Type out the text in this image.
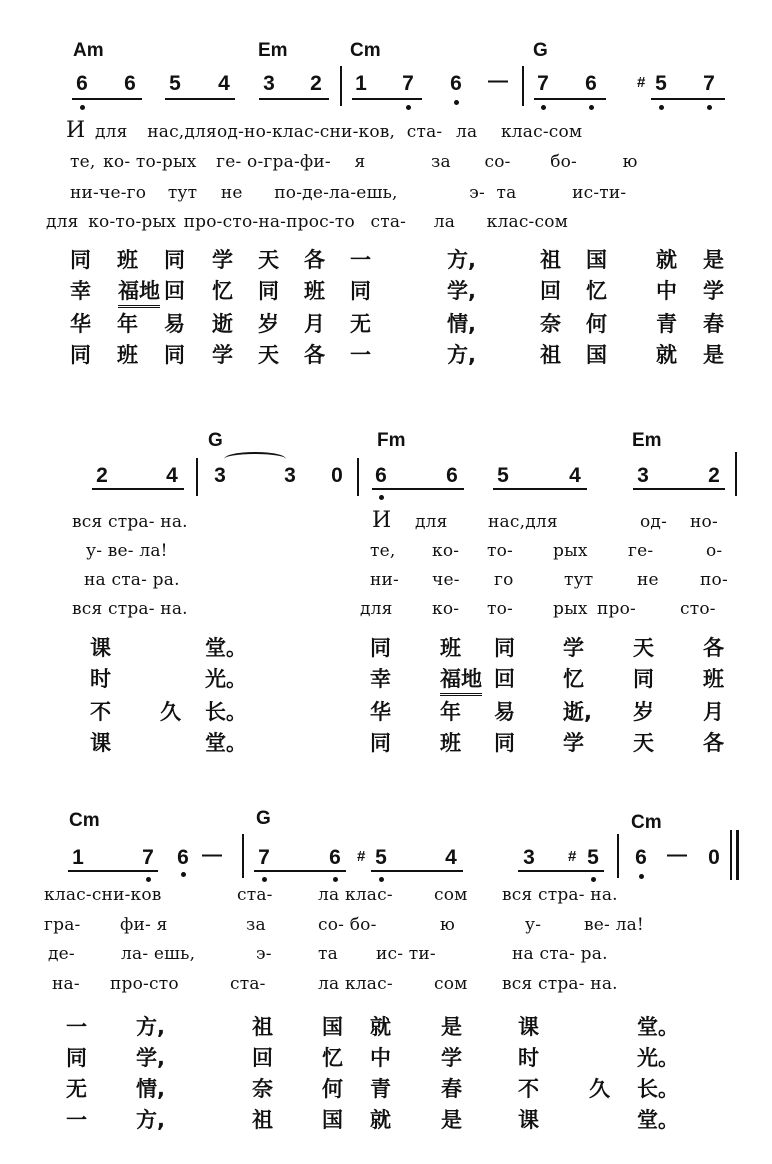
Am	Em	Cm	G
6 6 5 4 3 2 1 7 6 — 7 6	# 5 7
И для нас,дляод-но-клас-сни-ков, ста- ла клас-сом
те, ко- то-рых ге- о-гра-фи- я	за со- бо-	ю
ни-че-го тут не по-де-ла-ешь,	э- та	ис-ти-
для ко-то-рых про-сто-на-прос-то ста- ла клас-сом
同 班 同 学 天 各 一	方,	祖 国 就 是
幸 福地 回 忆 同 班 同	学,	回 忆 中 学
华 年 易 逝 岁 月 无	情,	奈 何 青 春
同 班 同 学 天 各 一	方,	祖 国 就 是
G	Fm	Em
2	4 3	3 0 6	6 5	4	3	2
вся стра- на.
у- ве- ла!
на ста- ра.
вся стра- на.
И для нас,для	од- но-
те, ко- то- рых ге-	о-
ни- че- го	тут	не по-
для ко- то- рых про-	сто-
课	堂。	同 班 同 学 天 各
时	光。	幸 福地 回 忆 同 班
不 久 长。	华 年 易 逝, 岁 月
课	堂。	同 班 同 学 天 各
Cm	G	Cm
1	7 6 — 7	6 # 5	4	3 # 5 6 — 0
клас-сни-ков	ста-	ла клас- сом вся стра- на.
гра- фи- я	за	со- бо-	ю	у-	ве- ла!
де-	ла- ешь,	э-	та ис- ти-	на ста- ра.
на- про-сто	ста-	ла клас- сом вся стра- на.
一 方,	祖 国 就 是	课	堂。
同 学,	回 忆 中 学	时	光。
无 情,	奈 何 青 春	不 久 长。
一 方,	祖 国 就 是	课	堂。
